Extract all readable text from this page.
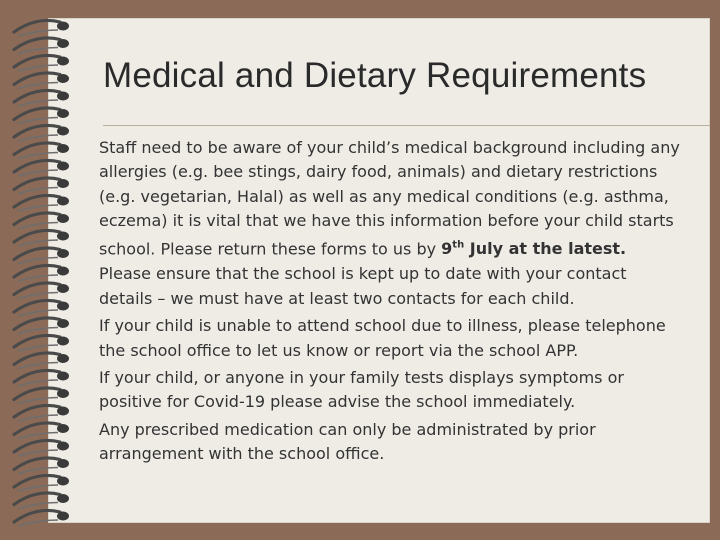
Medical and Dietary Requirements

Staff need to be aware of your child’s medical background including any allergies (e.g. bee stings, dairy food, animals) and dietary restrictions (e.g. vegetarian, Halal) as well as any medical conditions (e.g. asthma, eczema) it is vital that we have this information before your child starts school. Please return these forms to us by 9th July at the latest.

Please ensure that the school is kept up to date with your contact details – we must have at least two contacts for each child.

If your child is unable to attend school due to illness, please telephone the school office to let us know or report via the school APP.

If your child, or anyone in your family tests displays symptoms or positive for Covid-19 please advise the school immediately.

Any prescribed medication can only be administrated by prior arrangement with the school office.
